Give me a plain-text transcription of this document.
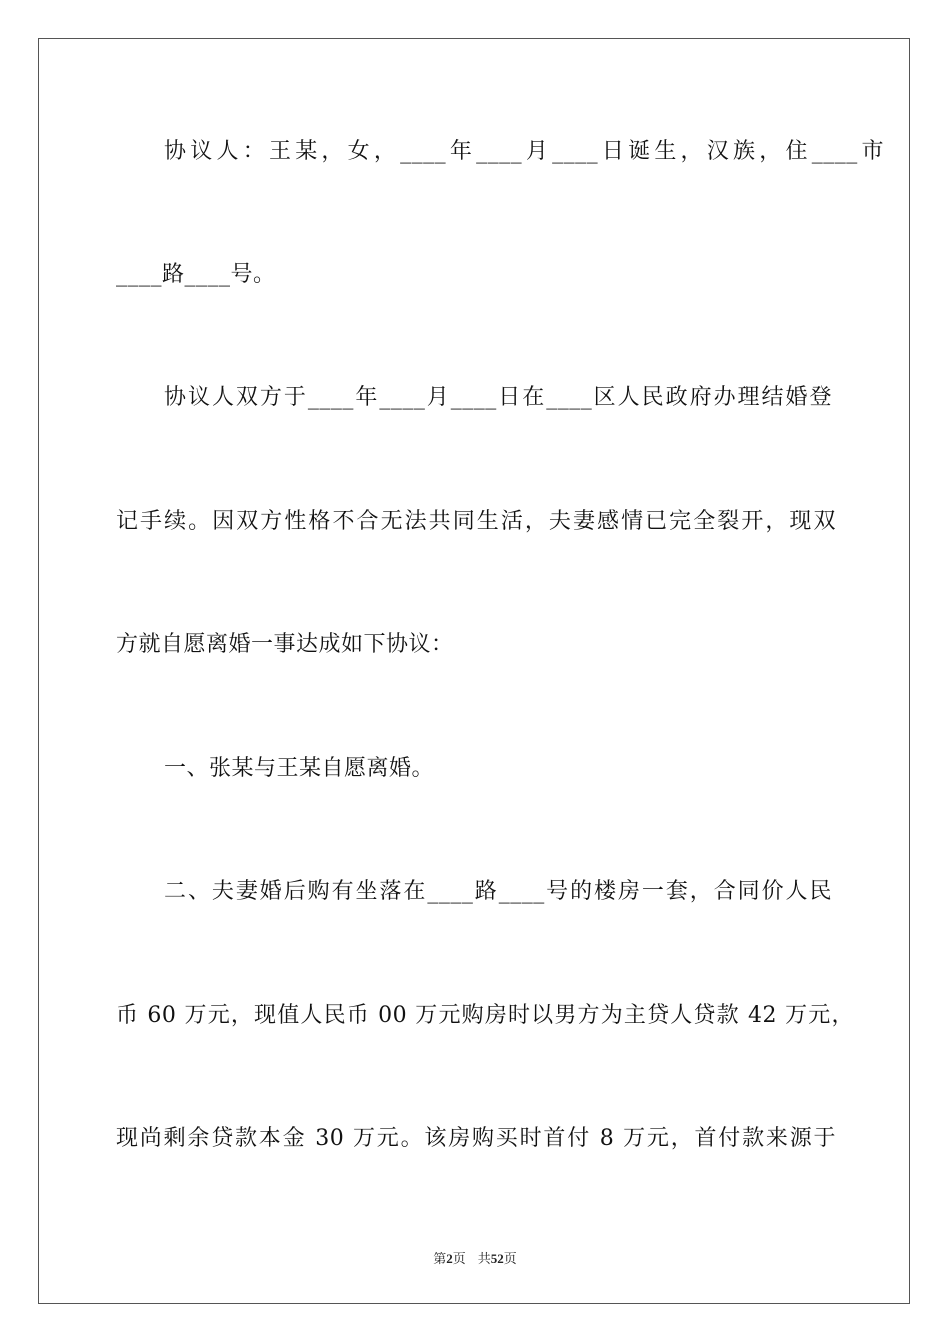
协议人：王某，女，____年____月____日诞生，汉族，住____市
____路____号。
协议人双方于____年____月____日在____区人民政府办理结婚登
记手续。因双方性格不合无法共同生活，夫妻感情已完全裂开，现双
方就自愿离婚一事达成如下协议：
一、张某与王某自愿离婚。
二、夫妻婚后购有坐落在____路____号的楼房一套，合同价人民
币 60 万元，现值人民币 00 万元购房时以男方为主贷人贷款 42 万元，
现尚剩余贷款本金 30 万元。该房购买时首付 8 万元，首付款来源于
第2页 共52页
